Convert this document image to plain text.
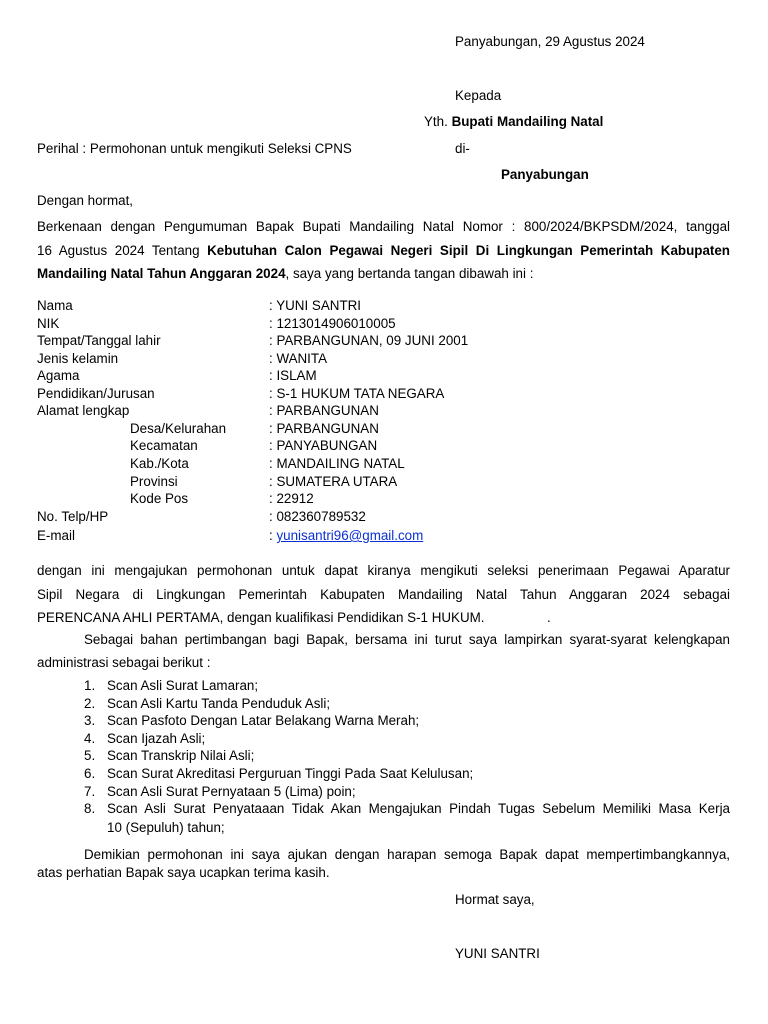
Panyabungan, 29 Agustus 2024
Kepada
Yth. Bupati Mandailing Natal
Perihal : Permohonan untuk mengikuti Seleksi CPNS	di-
Panyabungan
Dengan hormat,
Berkenaan dengan Pengumuman Bapak Bupati Mandailing Natal Nomor : 800/2024/BKPSDM/2024, tanggal
16 Agustus 2024 Tentang Kebutuhan Calon Pegawai Negeri Sipil Di Lingkungan Pemerintah Kabupaten
Mandailing Natal Tahun Anggaran 2024, saya yang bertanda tangan dibawah ini :
Nama	: YUNI SANTRI
NIK	: 1213014906010005
Tempat/Tanggal lahir	: PARBANGUNAN, 09 JUNI 2001
Jenis kelamin	: WANITA
Agama	: ISLAM
Pendidikan/Jurusan	: S-1 HUKUM TATA NEGARA
Alamat lengkap	: PARBANGUNAN
Desa/Kelurahan	: PARBANGUNAN
Kecamatan	: PANYABUNGAN
Kab./Kota	: MANDAILING NATAL
Provinsi	: SUMATERA UTARA
Kode Pos	: 22912
No. Telp/HP	: 082360789532
E-mail	: yunisantri96@gmail.com
dengan ini mengajukan permohonan untuk dapat kiranya mengikuti seleksi penerimaan Pegawai Aparatur
Sipil Negara di Lingkungan Pemerintah Kabupaten Mandailing Natal Tahun Anggaran 2024 sebagai
PERENCANA AHLI PERTAMA, dengan kualifikasi Pendidikan S-1 HUKUM.	.
Sebagai bahan pertimbangan bagi Bapak, bersama ini turut saya lampirkan syarat-syarat kelengkapan
administrasi sebagai berikut :
1. Scan Asli Surat Lamaran;
2. Scan Asli Kartu Tanda Penduduk Asli;
3. Scan Pasfoto Dengan Latar Belakang Warna Merah;
4. Scan Ijazah Asli;
5. Scan Transkrip Nilai Asli;
6. Scan Surat Akreditasi Perguruan Tinggi Pada Saat Kelulusan;
7. Scan Asli Surat Pernyataan 5 (Lima) poin;
8. Scan Asli Surat Penyataaan Tidak Akan Mengajukan Pindah Tugas Sebelum Memiliki Masa Kerja
10 (Sepuluh) tahun;
Demikian permohonan ini saya ajukan dengan harapan semoga Bapak dapat mempertimbangkannya,
atas perhatian Bapak saya ucapkan terima kasih.
Hormat saya,
YUNI SANTRI
